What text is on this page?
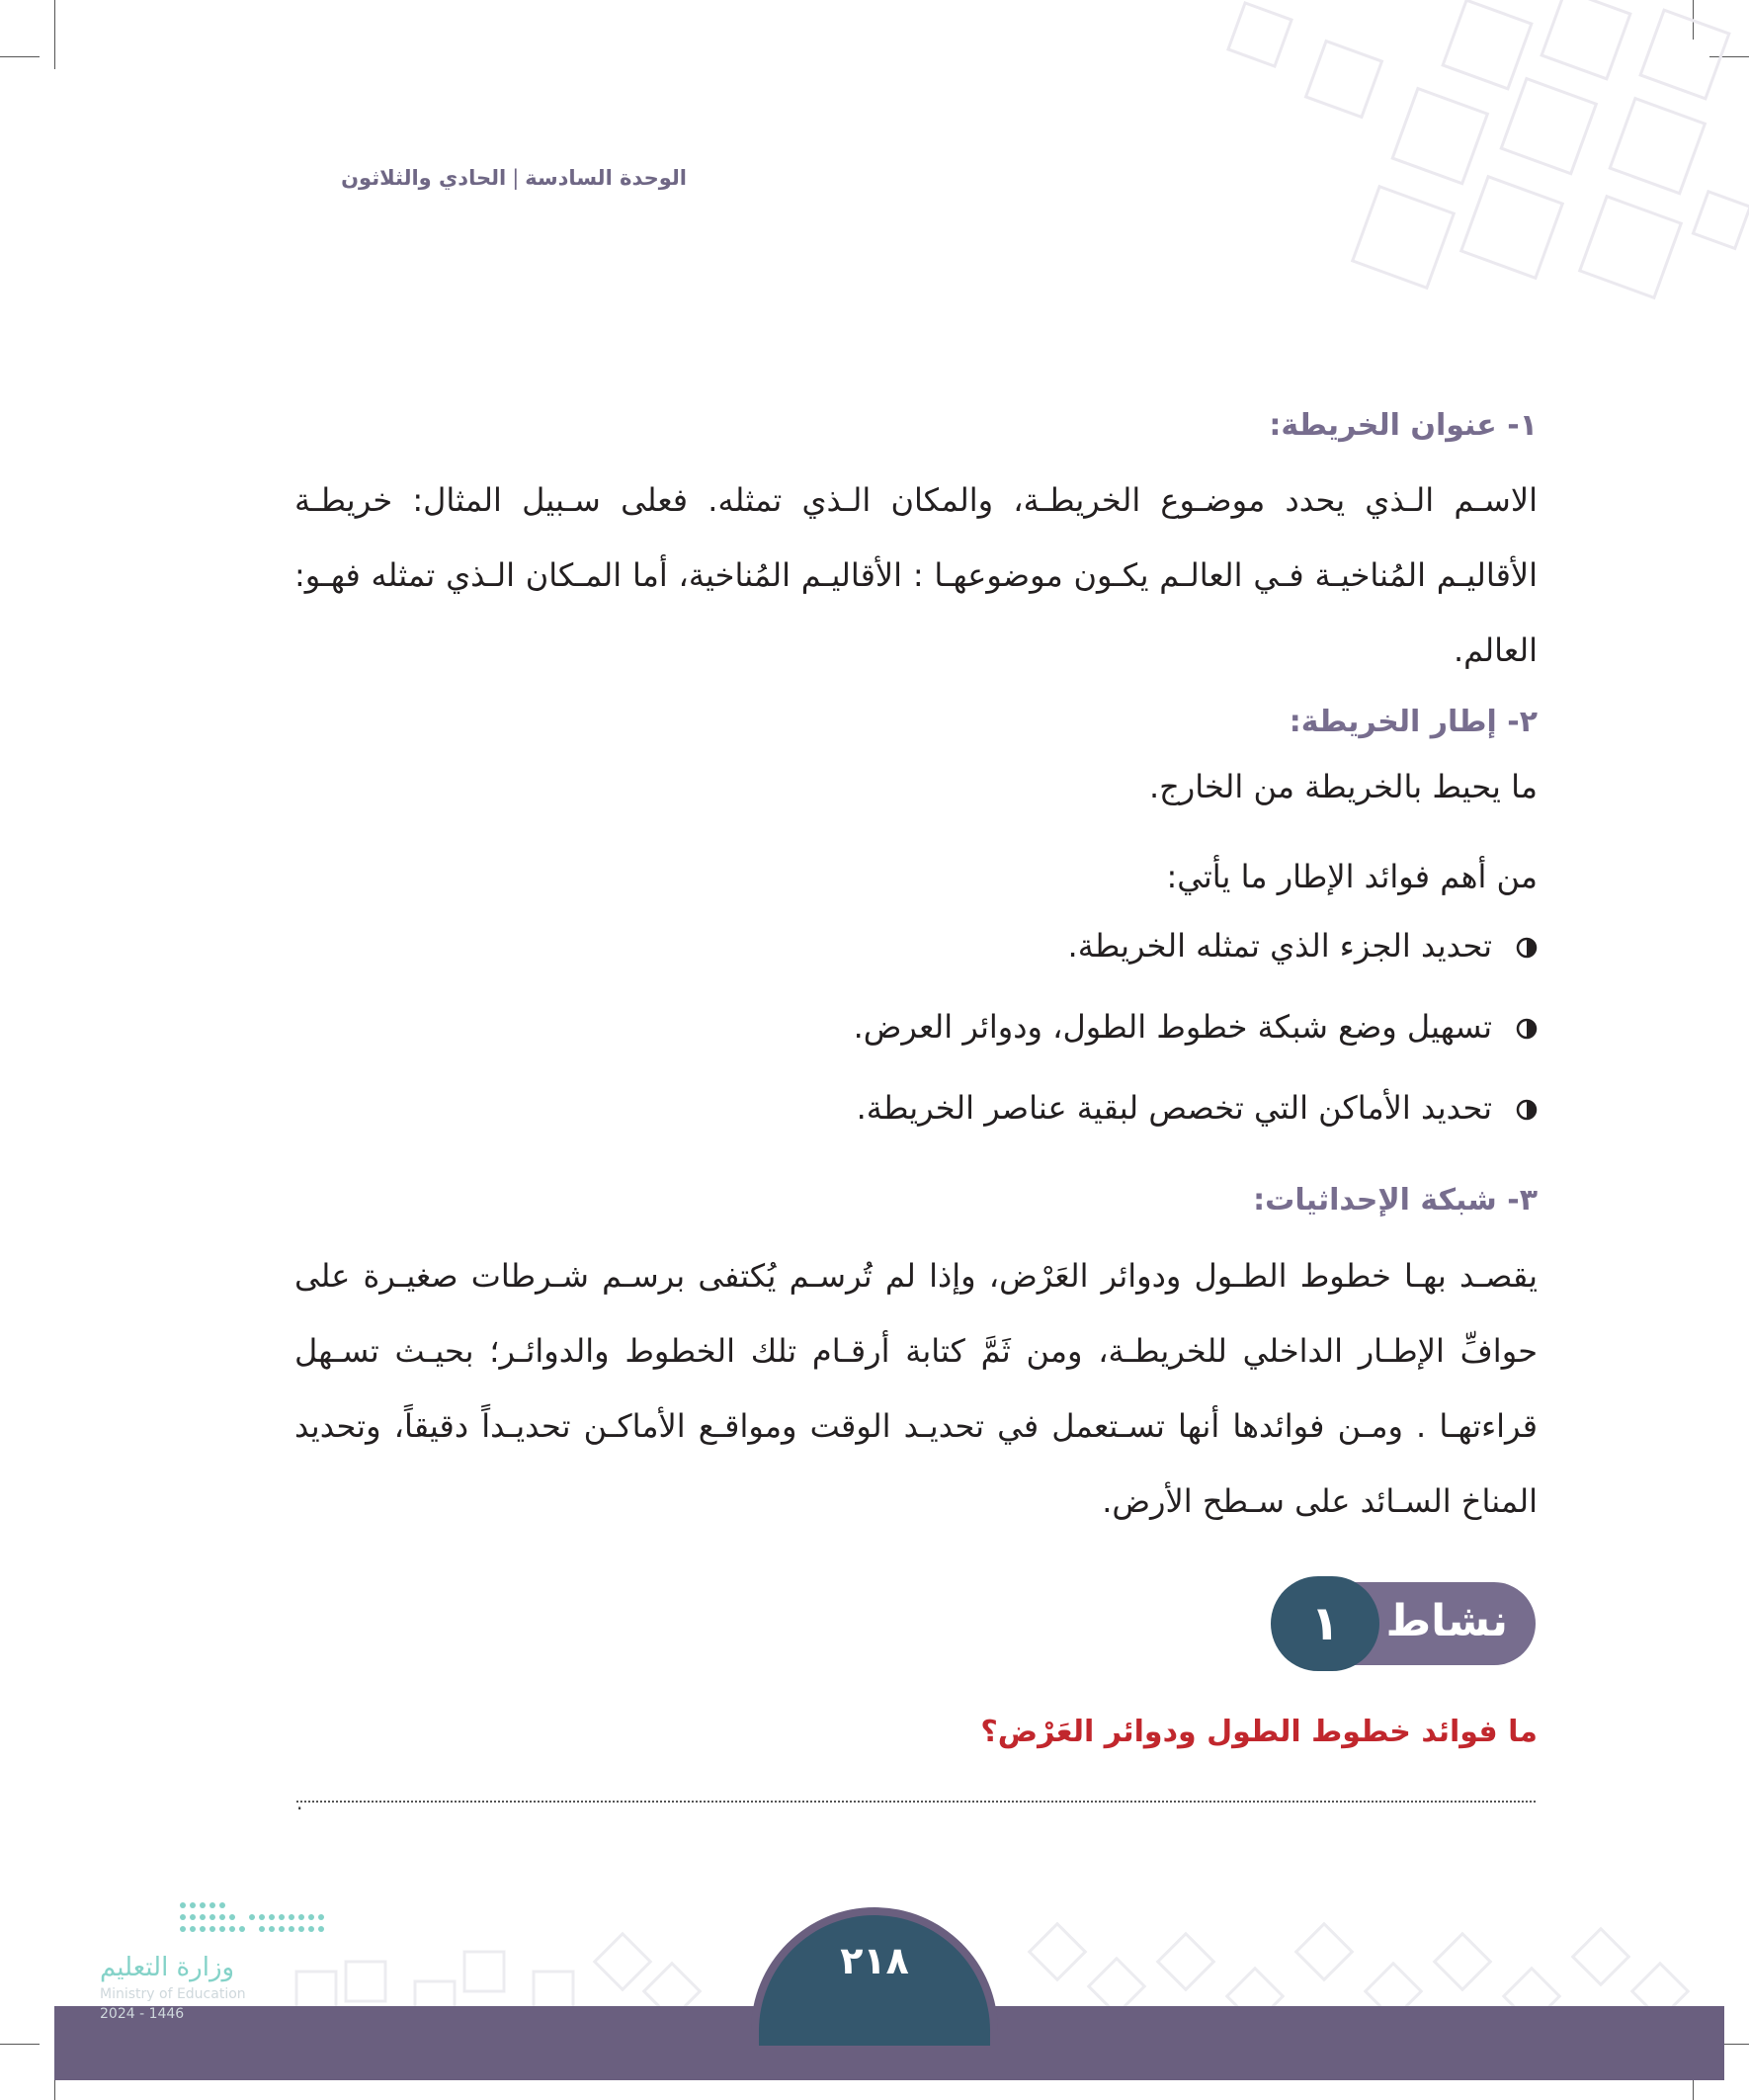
الوحدة السادسة|الحادي والثلاثون
١- عنوان الخريطة:
الاسـم الـذي يحدد موضـوع الخريطـة، والمكان الـذي تمثله. فعلى سـبيل المثال: خريطـة الأقاليـم المُناخيـة فـي العالـم يكـون موضوعهـا : الأقاليـم المُناخية، أما المـكان الـذي تمثله فهـو: العالم.
٢- إطار الخريطة:
ما يحيط بالخريطة من الخارج.
من أهم فوائد الإطار ما يأتي:
تحديد الجزء الذي تمثله الخريطة.
تسهيل وضع شبكة خطوط الطول، ودوائر العرض.
تحديد الأماكن التي تخصص لبقية عناصر الخريطة.
٣- شبكة الإحداثيات:
يقصـد بهـا خطوط الطـول ودوائر العَرْض، وإذا لم تُرسـم يُكتفى برسـم شـرطات صغيـرة على حوافِّ الإطـار الداخلي للخريطـة، ومن ثَمَّ كتابة أرقـام تلك الخطوط والدوائـر؛ بحيـث تسـهل قراءتهـا . ومـن فوائدها أنها تسـتعمل في تحديـد الوقت ومواقـع الأماكـن تحديـداً دقيقاً، وتحديد المناخ السـائد على سـطح الأرض.
نشاط
١
ما فوائد خطوط الطول ودوائر العَرْض؟
.
٢١٨
وزارة التعليم
Ministry of Education
2024 - 1446
